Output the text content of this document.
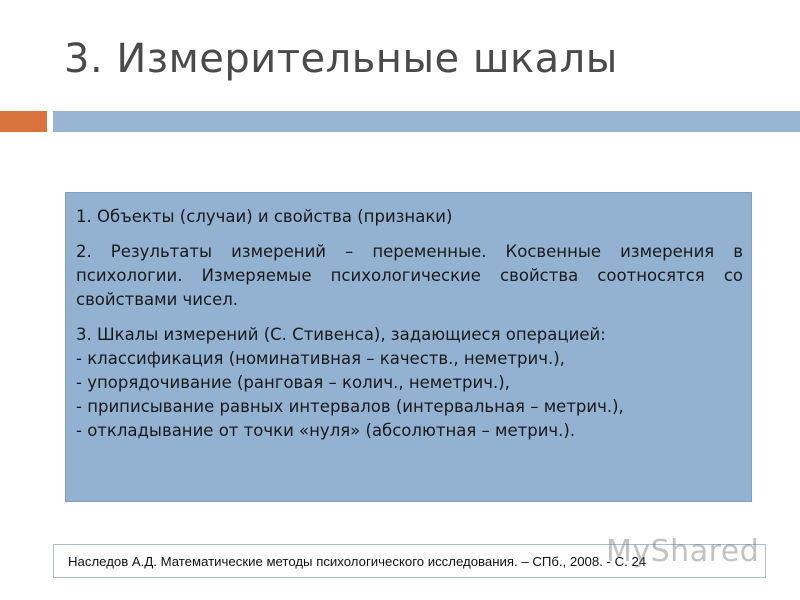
3. Измерительные шкалы

1. Объекты (случаи) и свойства (признаки)

2. Результаты измерений – переменные. Косвенные измерения в психологии. Измеряемые психологические свойства соотносятся со свойствами чисел.

3. Шкалы измерений (С. Стивенса), задающиеся операцией:
- классификация (номинативная – качеств., неметрич.),
- упорядочивание (ранговая – колич., неметрич.),
- приписывание равных интервалов (интервальная – метрич.),
- откладывание от точки «нуля» (абсолютная – метрич.).

Наследов А.Д. Математические методы психологического исследования. – СПб., 2008. - С. 24
MyShared
